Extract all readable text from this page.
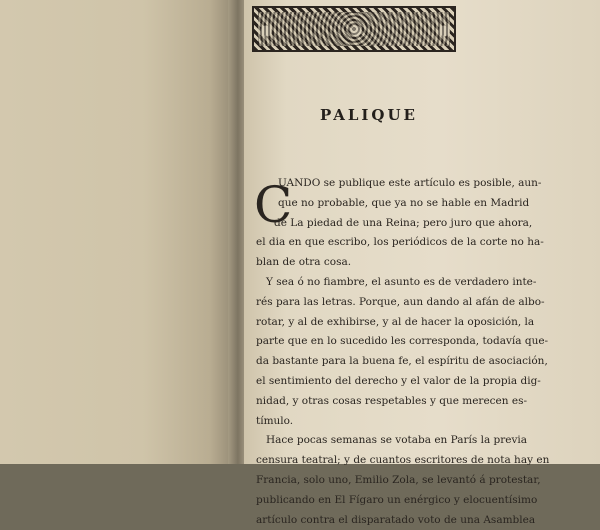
PALIQUE
C
UANDO se publique este artículo es posible, aun-
que no probable, que ya no se hable en Madrid
de La piedad de una Reina; pero juro que ahora,
el dia en que escribo, los periódicos de la corte no ha-
blan de otra cosa.
Y sea ó no fiambre, el asunto es de verdadero inte-
rés para las letras. Porque, aun dando al afán de albo-
rotar, y al de exhibirse, y al de hacer la oposición, la
parte que en lo sucedido les corresponda, todavía que-
da bastante para la buena fe, el espíritu de asociación,
el sentimiento del derecho y el valor de la propia dig-
nidad, y otras cosas respetables y que merecen es-
tímulo.
Hace pocas semanas se votaba en París la previa
censura teatral; y de cuantos escritores de nota hay en
Francia, solo uno, Emilio Zola, se levantó á protestar,
publicando en El Fígaro un enérgico y elocuentísimo
artículo contra el disparatado voto de una Asamblea
